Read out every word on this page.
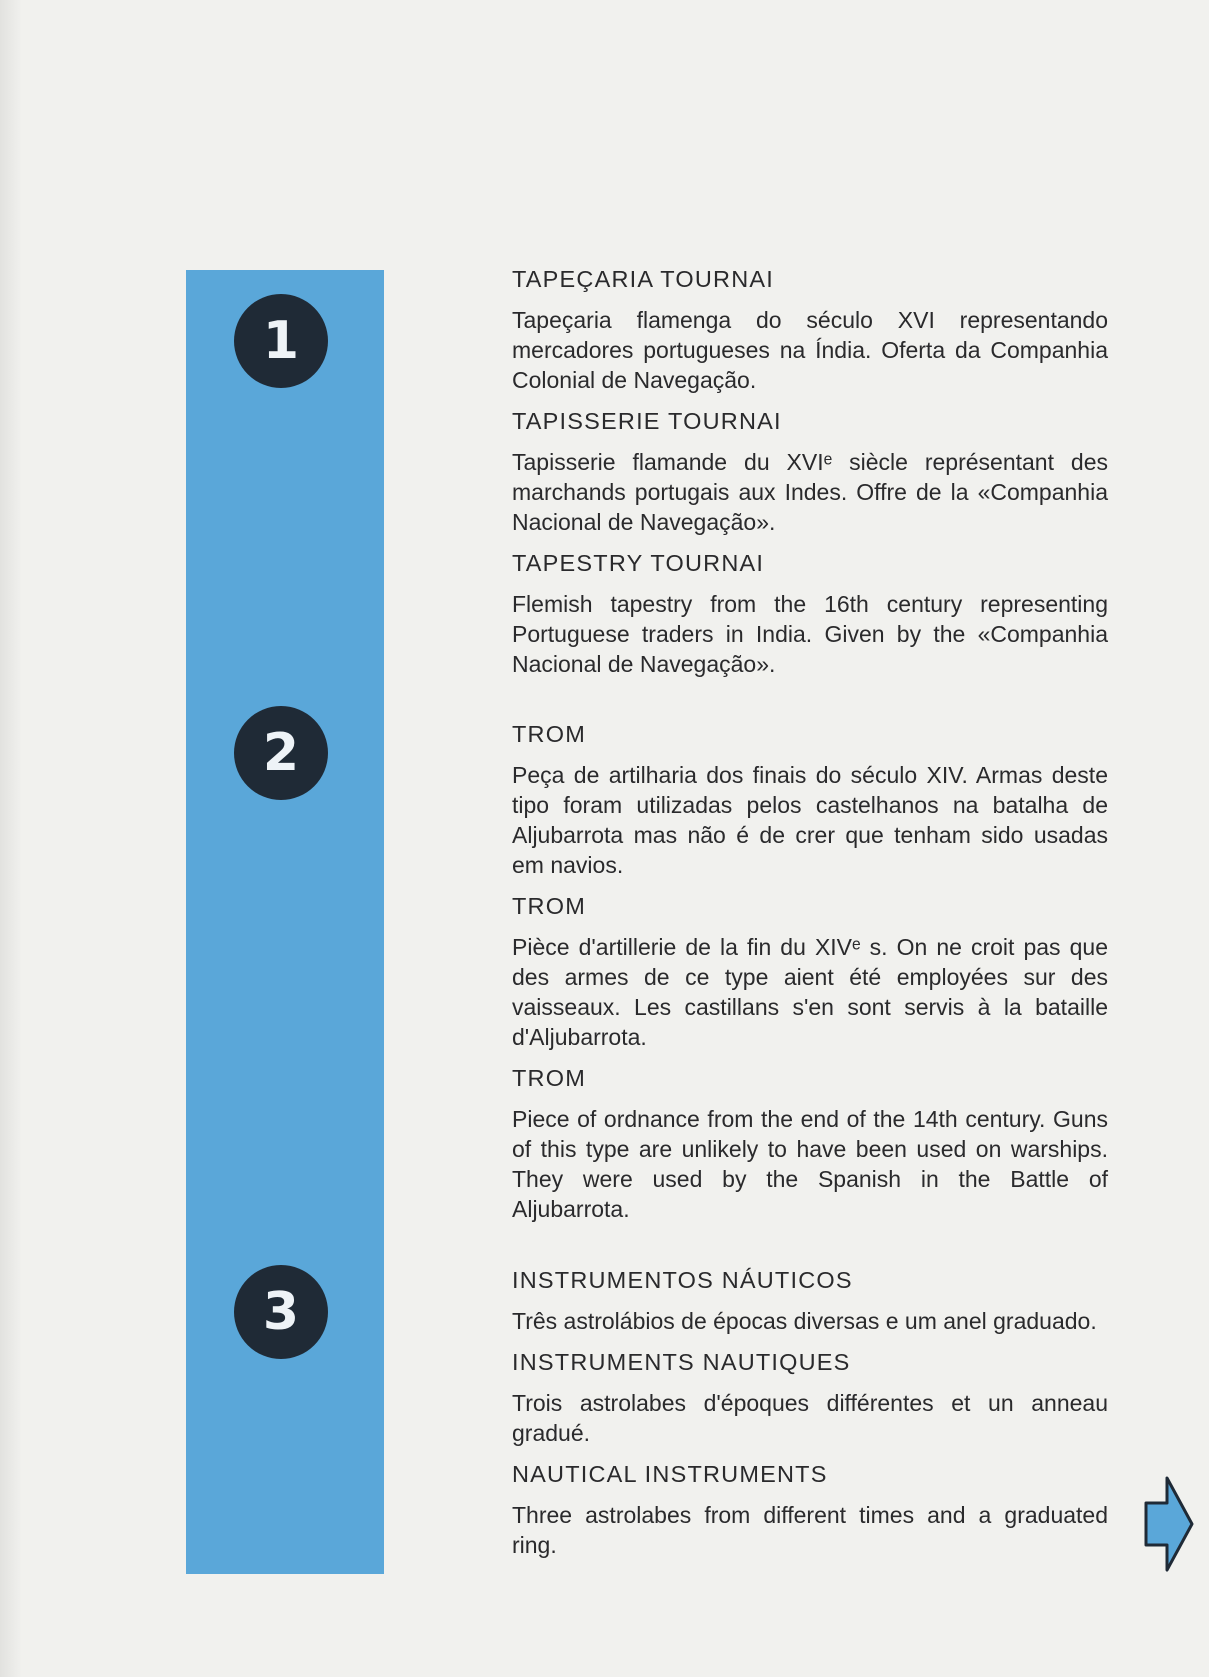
1
2
3
TAPEÇARIA TOURNAI

Tapeçaria flamenga do século XVI representando mercadores portugueses na Índia. Oferta da Companhia Colonial de Navegação.

TAPISSERIE TOURNAI

Tapisserie flamande du XVIᵉ siècle représentant des marchands portugais aux Indes. Offre de la «Companhia Nacional de Navegação».

TAPESTRY TOURNAI

Flemish tapestry from the 16th century representing Portuguese traders in India. Given by the «Companhia Nacional de Navegação».

TROM

Peça de artilharia dos finais do século XIV. Armas deste tipo foram utilizadas pelos castelhanos na batalha de Aljubarrota mas não é de crer que tenham sido usadas em navios.

TROM

Pièce d'artillerie de la fin du XIVᵉ s. On ne croit pas que des armes de ce type aient été employées sur des vaisseaux. Les castillans s'en sont servis à la bataille d'Aljubarrota.

TROM

Piece of ordnance from the end of the 14th century. Guns of this type are unlikely to have been used on warships. They were used by the Spanish in the Battle of Aljubarrota.

INSTRUMENTOS NÁUTICOS

Três astrolábios de épocas diversas e um anel graduado.

INSTRUMENTS NAUTIQUES

Trois astrolabes d'époques différentes et un anneau gradué.

NAUTICAL INSTRUMENTS

Three astrolabes from different times and a graduated ring.
